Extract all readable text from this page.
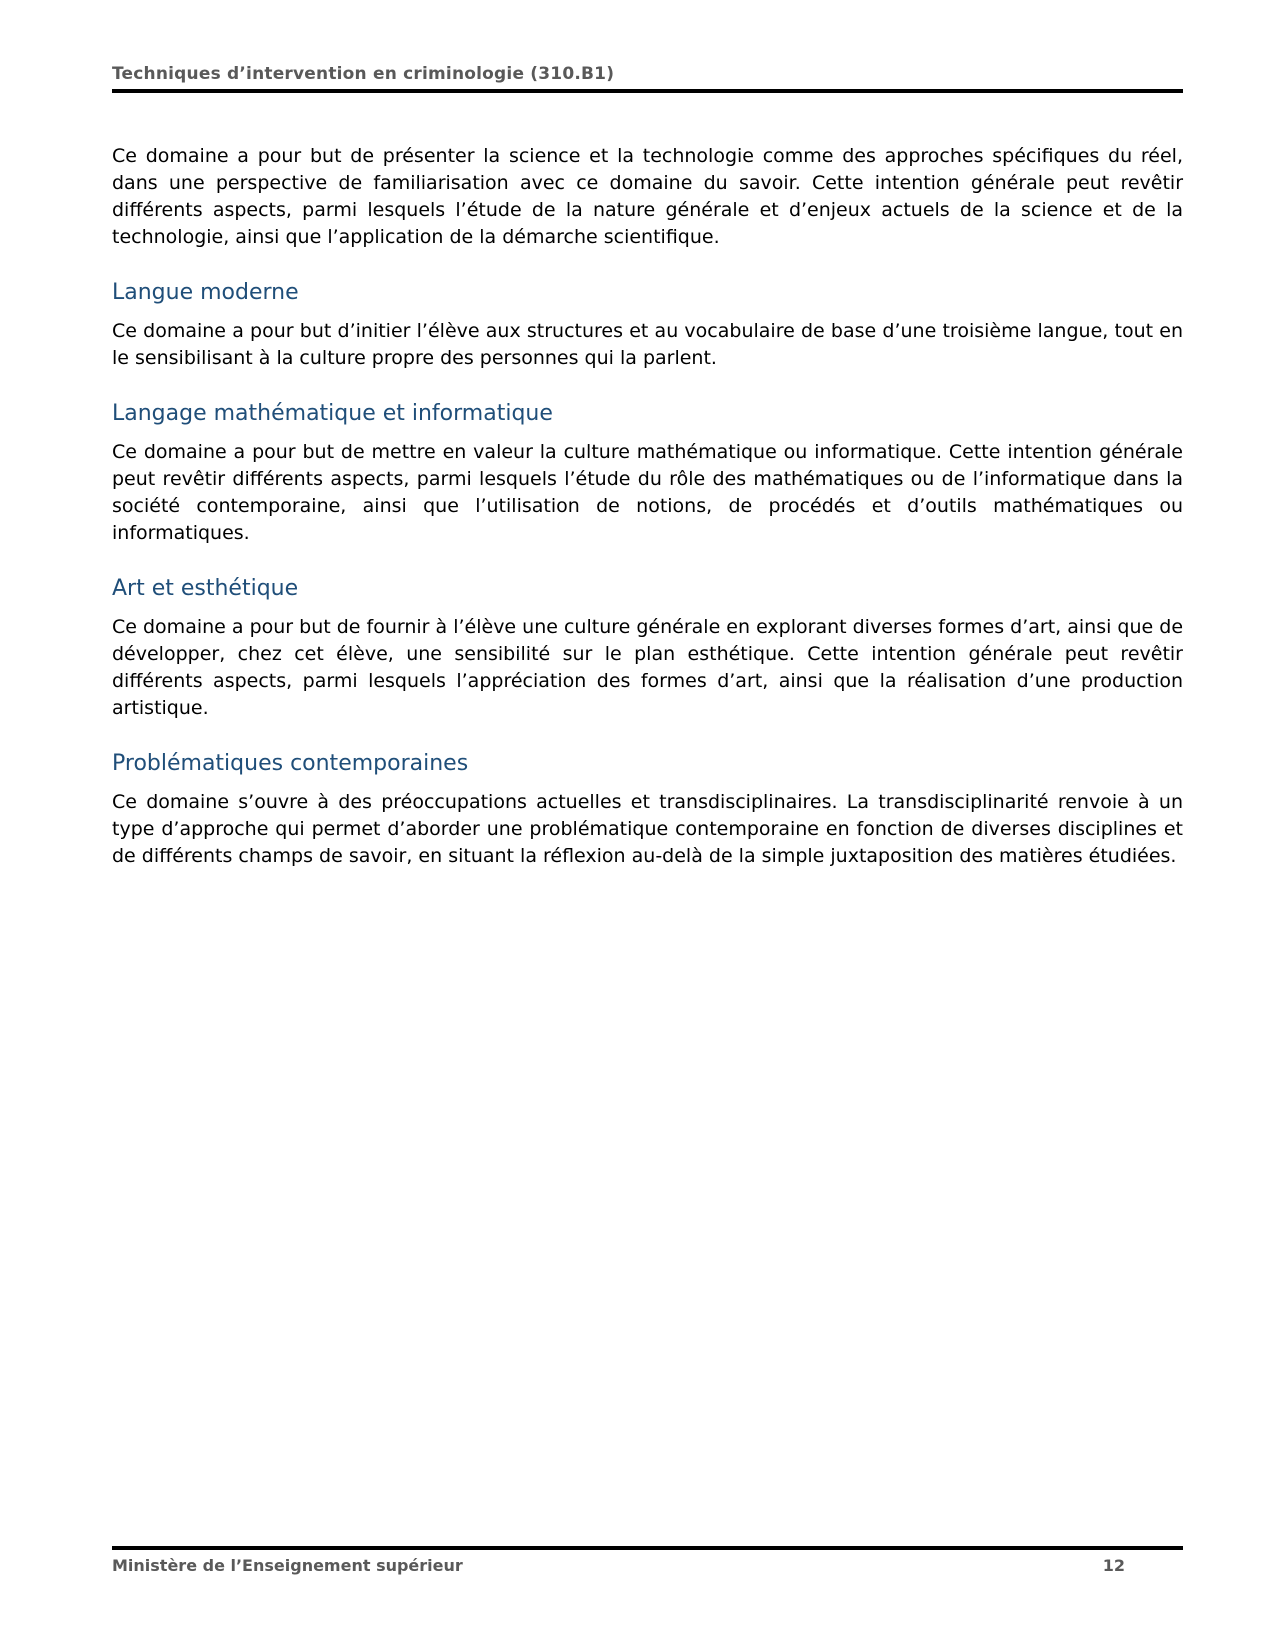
Techniques d’intervention en criminologie (310.B1)

Ce domaine a pour but de présenter la science et la technologie comme des approches spécifiques du réel, dans une perspective de familiarisation avec ce domaine du savoir. Cette intention générale peut revêtir différents aspects, parmi lesquels l’étude de la nature générale et d’enjeux actuels de la science et de la technologie, ainsi que l’application de la démarche scientifique.

Langue moderne

Ce domaine a pour but d’initier l’élève aux structures et au vocabulaire de base d’une troisième langue, tout en le sensibilisant à la culture propre des personnes qui la parlent.

Langage mathématique et informatique

Ce domaine a pour but de mettre en valeur la culture mathématique ou informatique. Cette intention générale peut revêtir différents aspects, parmi lesquels l’étude du rôle des mathématiques ou de l’informatique dans la société contemporaine, ainsi que l’utilisation de notions, de procédés et d’outils mathématiques ou informatiques.

Art et esthétique

Ce domaine a pour but de fournir à l’élève une culture générale en explorant diverses formes d’art, ainsi que de développer, chez cet élève, une sensibilité sur le plan esthétique. Cette intention générale peut revêtir différents aspects, parmi lesquels l’appréciation des formes d’art, ainsi que la réalisation d’une production artistique.

Problématiques contemporaines

Ce domaine s’ouvre à des préoccupations actuelles et transdisciplinaires. La transdisciplinarité renvoie à un type d’approche qui permet d’aborder une problématique contemporaine en fonction de diverses disciplines et de différents champs de savoir, en situant la réflexion au-delà de la simple juxtaposition des matières étudiées.

Ministère de l’Enseignement supérieur	12
